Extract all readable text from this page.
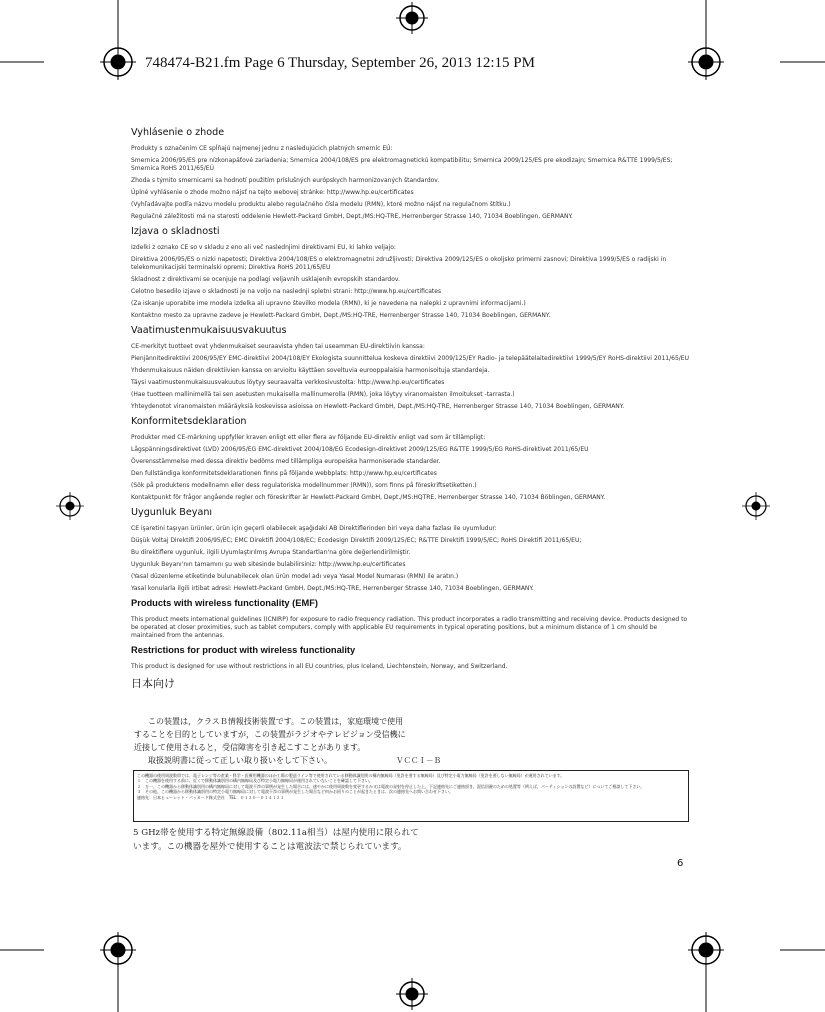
748474-B21.fm Page 6 Thursday, September 26, 2013 12:15 PM
Vyhlásenie o zhode
Produkty s označením CE spĺňajú najmenej jednu z nasledujúcich platných smerníc EÚ:
Smernica 2006/95/ES pre nízkonapäťové zariadenia; Smernica 2004/108/ES pre elektromagnetickú kompatibilitu; Smernica 2009/125/ES pre ekodizajn; Smernica R&TTE 1999/5/ES; Smernica RoHS 2011/65/EÚ
Zhoda s týmito smernicami sa hodnotí použitím príslušných európskych harmonizovaných štandardov.
Úplné vyhlásenie o zhode možno nájsť na tejto webovej stránke: http://www.hp.eu/certificates
(Vyhľadávajte podľa názvu modelu produktu alebo regulačného čísla modelu (RMN), ktoré možno nájsť na regulačnom štítku.)
Regulačné záležitosti má na starosti oddelenie Hewlett-Packard GmbH, Dept./MS:HQ-TRE, Herrenberger Strasse 140, 71034 Boeblingen, GERMANY.
Izjava o skladnosti
Izdelki z oznako CE so v skladu z eno ali več naslednjimi direktivami EU, ki lahko veljajo:
Direktiva 2006/95/ES o nizki napetosti; Direktiva 2004/108/ES o elektromagnetni združljivosti; Direktiva 2009/125/ES o okoljsko primerni zasnovi; Direktiva 1999/5/ES o radijski in telekomunikacijski terminalski opremi; Direktiva RoHS 2011/65/EU
Skladnost z direktivami se ocenjuje na podlagi veljavnih usklajenih evropskih standardov.
Celotno besedilo izjave o skladnosti je na voljo na naslednji spletni strani: http://www.hp.eu/certificates
(Za iskanje uporabite ime modela izdelka ali upravno številko modela (RMN), ki je navedena na nalepki z upravnimi informacijami.)
Kontaktno mesto za upravne zadeve je Hewlett-Packard GmbH, Dept./MS:HQ-TRE, Herrenberger Strasse 140, 71034 Boeblingen, GERMANY.
Vaatimustenmukaisuusvakuutus
CE-merkityt tuotteet ovat yhdenmukaiset seuraavista yhden tai useamman EU-direktiivin kanssa:
Pienjännitedirektiivi 2006/95/EY EMC-direktiivi 2004/108/EY Ekologista suunnittelua koskeva direktiivi 2009/125/EY Radio- ja telepäätelaitedirektiivi 1999/5/EY RoHS-direktiivi 2011/65/EU
Yhdenmukaisuus näiden direktiivien kanssa on arvioitu käyttäen soveltuvia eurooppalaisia harmonisoituja standardeja.
Täysi vaatimustenmukaisuusvakuutus löytyy seuraavalta verkkosivustolta: http://www.hp.eu/certificates
(Hae tuotteen mallinimellä tai sen asetusten mukaisella mallinumerolla (RMN), joka löytyy viranomaisten ilmoitukset -tarrasta.)
Yhteydenotot viranomaisten määräyksiä koskevissa asioissa on Hewlett-Packard GmbH, Dept./MS:HQ-TRE, Herrenberger Strasse 140, 71034 Boeblingen, GERMANY.
Konformitetsdeklaration
Produkter med CE-märkning uppfyller kraven enligt ett eller flera av följande EU-direktiv enligt vad som är tillämpligt:
Lågspänningsdirektivet (LVD) 2006/95/EG EMC-direktivet 2004/108/EG Ecodesign-direktivet 2009/125/EG R&TTE 1999/5/EG RoHS-direktivet 2011/65/EU
Överensstämmelse med dessa direktiv bedöms med tillämpliga europeiska harmoniserade standarder.
Den fullständiga konformitetsdeklarationen finns på följande webbplats: http://www.hp.eu/certificates
(Sök på produktens modellnamn eller dess regulatoriska modellnummer (RMN)), som finns på föreskriftsetiketten.)
Kontaktpunkt för frågor angående regler och föreskrifter är Hewlett-Packard GmbH, Dept./MS:HQTRE, Herrenberger Strasse 140, 71034 Böblingen, GERMANY.
Uygunluk Beyanı
CE işaretini taşıyan ürünler, ürün için geçerli olabilecek aşağıdaki AB Direktiflerinden biri veya daha fazlası ile uyumludur:
Düşük Voltaj Direktifi 2006/95/EC; EMC Direktifi 2004/108/EC; Ecodesign Direktifi 2009/125/EC; R&TTE Direktifi 1999/5/EC; RoHS Direktifi 2011/65/EU;
Bu direktiflere uygunluk, ilgili Uyumlaştırılmış Avrupa Standartları'na göre değerlendirilmiştir.
Uygunluk Beyanı'nın tamamını şu web sitesinde bulabilirsiniz: http://www.hp.eu/certificates
(Yasal düzenleme etiketinde bulunabilecek olan ürün model adı veya Yasal Model Numarası (RMN) ile aratın.)
Yasal konularla ilgili irtibat adresi: Hewlett-Packard GmbH, Dept./MS:HQ-TRE, Herrenberger Strasse 140, 71034 Boeblingen, GERMANY.
Products with wireless functionality (EMF)
This product meets international guidelines (ICNIRP) for exposure to radio frequency radiation. This product incorporates a radio transmitting and receiving device. Products designed to be operated at closer proximities, such as tablet computers, comply with applicable EU requirements in typical operating positions, but a minimum distance of 1 cm should be maintained from the antennas.
Restrictions for product with wireless functionality
This product is designed for use without restrictions in all EU countries, plus Iceland, Liechtenstein, Norway, and Switzerland.
日本向け
この装置は，クラスＢ情報技術装置です。この装置は，家庭環境で使用
することを目的としていますが，この装置がラジオやテレビジョン受信機に
近接して使用されると，受信障害を引き起こすことがあります。
取扱説明書に従って正しい取り扱いをして下さい。	ＶＣＣＩ－Ｂ
この機器の使用周波数帯では、電子レンジ等の産業・科学・医療用機器のほか工場の製造ライン等で使用されている移動体識別用の構内無線局（免許を要する無線局）及び特定小電力無線局（免許を要しない無線局）が運用されています。
１　この機器を使用する前に、近くで移動体識別用の構内無線局及び特定小電力無線局が運用されていないことを確認して下さい。
２　万一、この機器から移動体識別用の構内無線局に対して電波干渉の事例が発生した場合には、速やかに使用周波数を変更するか又は電波の発射を停止した上、下記連絡先にご連絡頂き、混信回避のための処置等（例えば、パーティションの設置など）についてご相談して下さい。
３　その他、この機器から移動体識別用の特定小電力無線局に対して電波干渉の事例が発生した場合など何かお困りのことが起きたときは、次の連絡先へお問い合わせ下さい。
連絡先：日本ヒューレット・パッカード株式会社　TEL：０１２０－０１４１２１
5 GHz帯を使用する特定無線設備（802.11a相当）は屋内使用に限られて
います。この機器を屋外で使用することは電波法で禁じられています。
6
